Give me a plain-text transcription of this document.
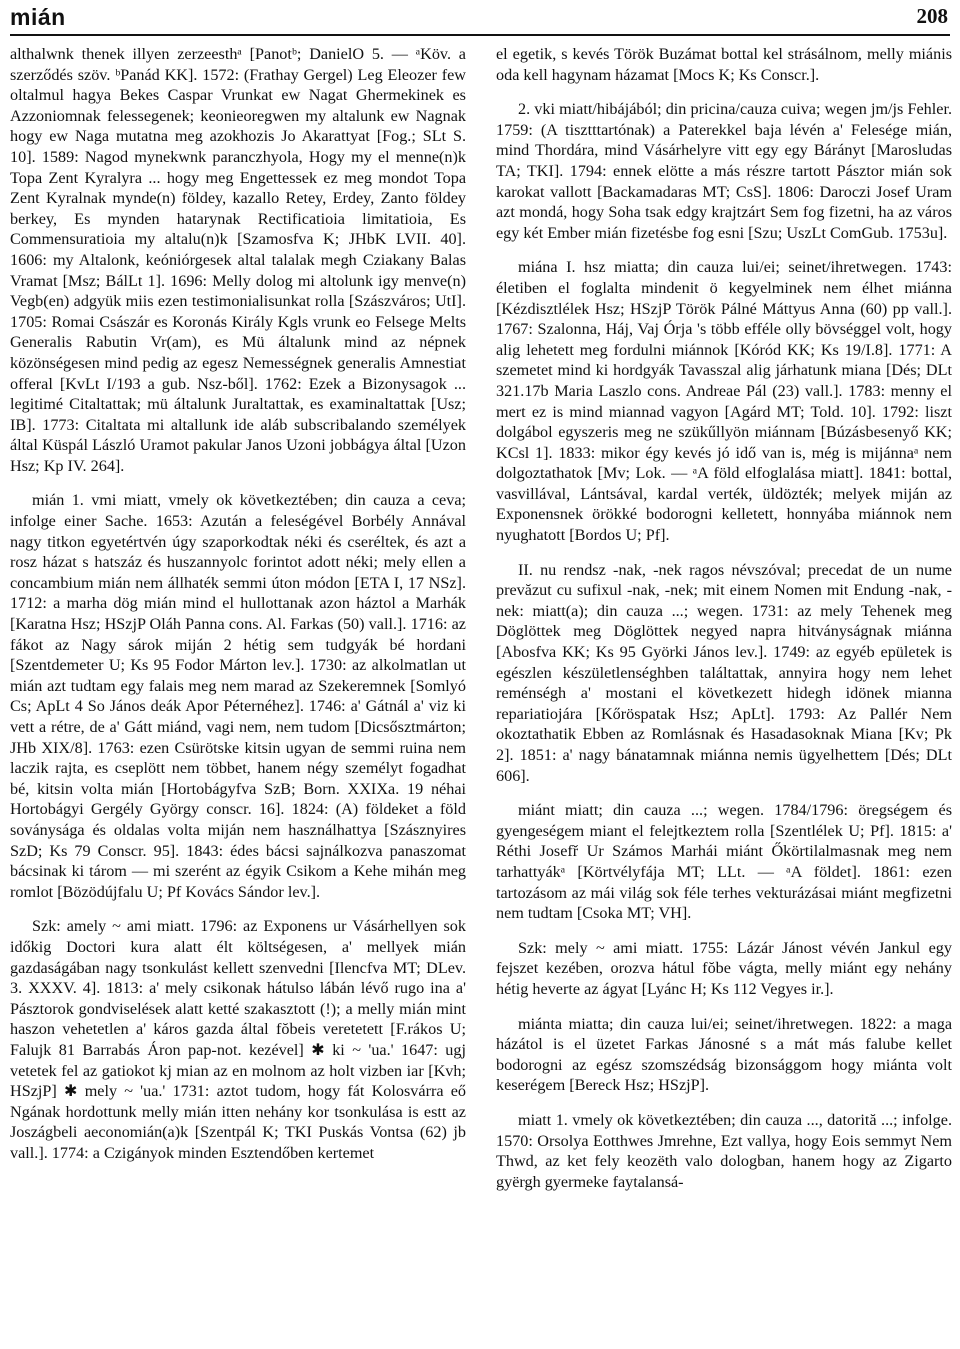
mián	208

althalwnk thenek illyen zerzeesthᵃ [Panotᵇ; DanielO 5. — ᵃKöv. a szerződés szöv. ᵇPanád KK]. 1572: (Frathay Gergel) Leg Eleozer few oltalmul hagya Bekes Caspar Vrunkat ew Nagat Ghermekinek es Azzoniomnak felessegenek; keonieoregwen my altalunk ew Nagnak hogy ew Naga mutatna meg azokhozis Jo Akarattyat [Fog.; SLt S. 10]. 1589: Nagod mynekwnk paranczhyola, Hogy my el menne(n)k Topa Zent Kyralyra ... hogy meg Engettessek ez meg mondot Topa Zent Kyralnak mynde(n) földey, kazallo Retey, Erdey, Zanto földey berkey, Es mynden hatarynak Rectificatioia limitatioia, Es Commensuratioia my altalu(n)k [Szamosfva K; JHbK LVII. 40]. 1606: my Altalonk, keóniórgesek altal talalak megh Cziakany Balas Vramat [Msz; BálLt 1]. 1696: Melly dolog mi altolunk igy menve(n) Vegb(en) adgyük miis ezen testimonialisunkat rolla [Szászváros; UtI]. 1705: Romai Császár es Koronás Király Kgls vrunk eo Felsege Melts Generalis Rabutin Vr(am), es Mü általunk mind az népnek közönségesen mind pedig az egesz Nemességnek generalis Amnestiat offeral [KvLt I/193 a gub. Nsz-ből]. 1762: Ezek a Bizonysagok ... legitimé Citaltattak; mü általunk Juraltattak, es examinaltattak [Usz; IB]. 1773: Citaltata mi altallunk ide aláb subscribalando személyek által Küspál László Uramot pakular Janos Uzoni jobbágya által [Uzon Hsz; Kp IV. 264].

mián 1. vmi miatt, vmely ok következtében; din cauza a ceva; infolge einer Sache. 1653: Azután a feleségével Borbély Annával nagy titkon egyetértvén úgy szaporkodtak néki és cseréltek, és azt a rosz házat s hatszáz és huszannyolc forintot adott néki; mely ellen a concambium mián nem állhaték semmi úton módon [ETA I, 17 NSz]. 1712: a marha dög mián mind el hullottanak azon háztol a Marhák [Karatna Hsz; HSzjP Oláh Panna cons. Al. Farkas (50) vall.]. 1716: az fákot az Nagy sárok miján 2 hétig sem tudgyák bé hordani [Szentdemeter U; Ks 95 Fodor Márton lev.]. 1730: az alkolmatlan ut mián azt tudtam egy falais meg nem marad az Szekeremnek [Somlyó Cs; ApLt 4 So János deák Apor Péternéhez]. 1746: a' Gátnál a' viz ki vett a rétre, de a' Gátt miánd, vagi nem, nem tudom [Dicsősztmárton; JHb XIX/8]. 1763: ezen Csürötske kitsin ugyan de semmi ruina nem laczik rajta, es cseplött nem többet, hanem négy személyt fogadhat bé, kitsin volta mián [Hortobágyfva SzB; Born. XXIXa. 19 néhai Hortobágyi Gergély György conscr. 16]. 1824: (A) földeket a föld soványsága és oldalas volta miján nem használhattya [Szásznyires SzD; Ks 79 Conscr. 95]. 1843: édes bácsi sajnálkozva panaszomat bácsinak ki tárom — mi szerént az égyik Csikom a Kehe mihán meg romlot [Bözödújfalu U; Pf Kovács Sándor lev.].

Szk: amely ~ ami miatt. 1796: az Exponens ur Vásárhellyen sok időkig Doctori kura alatt élt költségesen, a' mellyek mián gazdaságában nagy tsonkulást kellett szenvedni [Ilencfva MT; DLev. 3. XXXV. 4]. 1813: a' mely csikonak hátulso lábán lévő rugo ina a' Pásztorok gondviselések alatt ketté szakasztott (!); a melly mián mint haszon vehetetlen a' káros gazda által fŏbeis veretetett [F.rákos U; Falujk 81 Barrabás Áron pap-not. kezével] ✱ ki ~ 'ua.' 1647: ugj vetetek fel az gatiokot kj mian az en molnom az holt vizben iar [Kvh; HSzjP] ✱ mely ~ 'ua.' 1731: aztot tudom, hogy fát Kolosvárra eő Ngának hordottunk melly mián itten nehány kor tsonkulása is estt az Joszágbeli aeconomián(a)k [Szentpál K; TKI Puskás Vontsa (62) jb vall.]. 1774: a Czigányok minden Esztendőben kertemet

el egetik, s kevés Török Buzámat bottal kel strásálnom, melly miánis oda kell hagynam házamat [Mocs K; Ks Conscr.].

2. vki miatt/hibájából; din pricina/cauza cuiva; wegen jm/js Fehler. 1759: (A tisztttartónak) a Paterekkel baja lévén a' Felesége mián, mind Thordára, mind Vásárhelyre vitt egy egy Bárányt [Marosludas TA; TKI]. 1794: ennek elötte a más részre tartott Pásztor mián sok karokat vallott [Backamadaras MT; CsS]. 1806: Daroczi Josef Uram azt mondá, hogy Soha tsak edgy krajtzárt Sem fog fizetni, ha az város egy két Ember mián fizetésbe fog esni [Szu; UszLt ComGub. 1753u].

miána I. hsz miatta; din cauza lui/ei; seinet/ihretwegen. 1743: életiben el foglalta mindenit ö kegyelminek nem élhet miánna [Kézdisztlélek Hsz; HSzjP Török Pálné Máttyus Anna (60) pp vall.]. 1767: Szalonna, Háj, Vaj Órja 's több efféle olly bövséggel volt, hogy alig lehetett meg fordulni miánnok [Kóród KK; Ks 19/I.8]. 1771: A szemetet mind ki hordgyák Tavasszal alig járhatunk miana [Dés; DLt 321.17b Maria Laszlo cons. Andreae Pál (23) vall.]. 1783: menny el mert ez is mind miannad vagyon [Agárd MT; Told. 10]. 1792: liszt dolgábol egyszeris meg ne szükűllyön miánnam [Búzásbesenyő KK; KCsl 1]. 1833: mikor égy kevés jó idő van is, még is mijánnaᵃ nem dolgoztathatok [Mv; Lok. — ᵃA föld elfoglalása miatt]. 1841: bottal, vasvillával, Lántsával, kardal verték, üldözték; melyek miján az Exponensnek örökké bodorogni kelletett, honnyába miánnok nem nyughatott [Bordos U; Pf].

II. nu rendsz -nak, -nek ragos névszóval; precedat de un nume prevăzut cu sufixul -nak, -nek; mit einem Nomen mit Endung -nak, -nek: miatt(a); din cauza ...; wegen. 1731: az mely Tehenek meg Döglöttek meg Döglöttek negyed napra hitványságnak miánna [Abosfva KK; Ks 95 Györki János lev.]. 1749: az egyéb epületek is egészlen készületlenséghben találtattak, annyira hogy nem lehet reménségh a' mostani el következett hidegh idönek mianna repariatiojára [Kőröspatak Hsz; ApLt]. 1793: Az Pallér Nem okoztathatik Ebben az Romlásnak és Hasadasoknak Miana [Kv; Pk 2]. 1851: a' nagy bánatamnak miánna nemis ügyelhettem [Dés; DLt 606].

miánt miatt; din cauza ...; wegen. 1784/1796: öregségem és gyengeségem miant el felejtkeztem rolla [Szentlélek U; Pf]. 1815: a' Réthi Josefř Ur Számos Marhái miánt Őkörtilalmasnak meg nem tarhattyákᵃ [Körtvélyfája MT; LLt. — ᵃA földet]. 1861: ezen tartozásom az mái világ sok féle terhes vekturázásai miánt megfizetni nem tudtam [Csoka MT; VH].

Szk: mely ~ ami miatt. 1755: Lázár Jánost vévén Jankul egy fejszet kezében, orozva hátul fŏbe vágta, melly miánt egy nehány hétig heverte az ágyat [Lyánc H; Ks 112 Vegyes ir.].

miánta miatta; din cauza lui/ei; seinet/ihretwegen. 1822: a maga házátol is el üzetet Farkas Jánosné s a mát más falube kellet bodorogni az egész szomszédság bizonsággom hogy miánta volt keserégem [Bereck Hsz; HSzjP].

miatt 1. vmely ok következtében; din cauza ..., datorită ...; infolge. 1570: Orsolya Eotthwes Jmrehne, Ezt vallya, hogy Eois semmyt Nem Thwd, az ket fely keozëth valo dologban, hanem hogy az Zigarto gyërgh gyermeke faytalansá-
